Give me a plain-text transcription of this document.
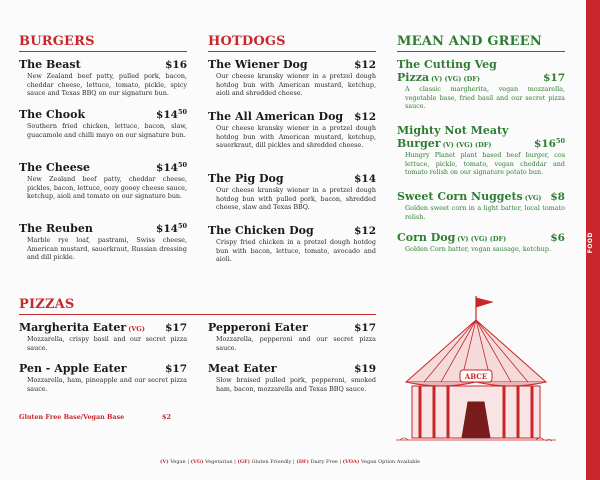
BURGERS
The Beast	$16
New Zealand beef patty, pulled pork, bacon, cheddar cheese, lettuce, tomato, pickle, spicy sauce and Texas BBQ on our signature bun.
The Chook	$\$14^{50}$
Southern fried chicken, lettuce, bacon, slaw, guacamole and chilli mayo on our signature bun.
The Cheese	$\$14^{50}$
New Zealand beef patty, cheddar cheese, pickles, bacon, lettuce, oozy gooey cheese sauce, ketchup, aioli and tomato on our signature bun.
The Reuben	$\$14^{50}$
Marble rye loaf, pastrami, Swiss cheese, American mustard, sauerkraut, Russian dressing and dill pickle.
HOTDOGS
The Wiener Dog	$12
Our cheese kransky wiener in a pretzel dough hotdog bun with American mustard, ketchup, aioli and shredded cheese.
The All American Dog $12
Our cheese kransky wiener in a pretzel dough hotdog bun with American mustard, ketchup, sauerkraut, dill pickles and shredded cheese.
The Pig Dog	$14
Our cheese kransky wiener in a pretzel dough hotdog bun with pulled pork, bacon, shredded cheese, slaw and Texas BBQ.
The Chicken Dog	$12
Crispy fried chicken in a pretzel dough hotdog bun with bacon, lettuce, tomato, avocado and aioli.
MEAN AND GREEN
The Cutting Veg
Pizza (V) (VG) (DF)	$17
A classic margherita, vegan mozzarella, vegetable base, fried basil and our secret pizza sauce.
Mighty Not Meaty
Burger (V) (VG) (DF)	$\$16^{50}$
Hungry Planet plant based beef burger, cos lettuce, pickle, tomato, vegan cheddar and tomato relish on our signature potato bun.
Sweet Corn Nuggets (VG) $8
Golden sweet corn in a light batter, local tomato relish.
Corn Dog (V) (VG) (DF)	$6
Golden Corn batter, vegan sausage, ketchup.
PIZZAS
Margherita Eater (VG) $17
Mozzarella, crispy basil and our secret pizza sauce.
Pen - Apple Eater	$17
Mozzarella, ham, pineapple and our secret pizza sauce.
Pepperoni Eater	$17
Mozzarella, pepperoni and our secret pizza sauce.
Meat Eater	$19
Slow braised pulled pork, pepperoni, smoked ham, bacon, mozzarella and Texas BBQ sauce.
Gluten Free Base/Vegan Base	$2
ABCE
(V) Vegan | (VG) Vegetarian | (GF) Gluten Friendly | (DF) Dairy Free | (VOA) Vegan Option Available
FOOD
